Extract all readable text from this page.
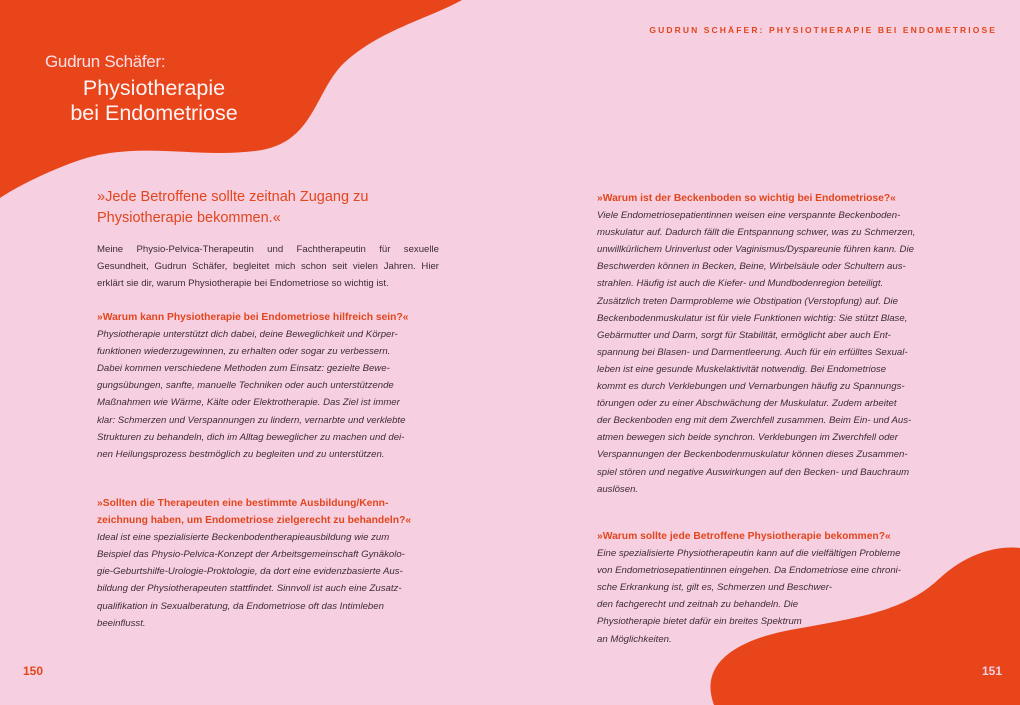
GUDRUN SCHÄFER: PHYSIOTHERAPIE BEI ENDOMETRIOSE
Gudrun Schäfer:
Physiotherapie
bei Endometriose
»Jede Betroffene sollte zeitnah Zugang zu
Physiotherapie bekommen.«
Meine Physio-Pelvica-Therapeutin und Fachtherapeutin für sexuelle
Gesundheit, Gudrun Schäfer, begleitet mich schon seit vielen Jahren. Hier
erklärt sie dir, warum Physiotherapie bei Endometriose so wichtig ist.
»Warum kann Physiotherapie bei Endometriose hilfreich sein?«
Physiotherapie unterstützt dich dabei, deine Beweglichkeit und Körper-
funktionen wiederzugewinnen, zu erhalten oder sogar zu verbessern.
Dabei kommen verschiedene Methoden zum Einsatz: gezielte Bewe-
gungsübungen, sanfte, manuelle Techniken oder auch unterstützende
Maßnahmen wie Wärme, Kälte oder Elektrotherapie. Das Ziel ist immer
klar: Schmerzen und Verspannungen zu lindern, vernarbte und verklebte
Strukturen zu behandeln, dich im Alltag beweglicher zu machen und dei-
nen Heilungsprozess bestmöglich zu begleiten und zu unterstützen.
»Sollten die Therapeuten eine bestimmte Ausbildung/Kenn-
zeichnung haben, um Endometriose zielgerecht zu behandeln?«
Ideal ist eine spezialisierte Beckenbodentherapieausbildung wie zum
Beispiel das Physio-Pelvica-Konzept der Arbeitsgemeinschaft Gynäkolo-
gie-Geburtshilfe-Urologie-Proktologie, da dort eine evidenzbasierte Aus-
bildung der Physiotherapeuten stattfindet. Sinnvoll ist auch eine Zusatz-
qualifikation in Sexualberatung, da Endometriose oft das Intimleben
beeinflusst.
»Warum ist der Beckenboden so wichtig bei Endometriose?«
Viele Endometriosepatientinnen weisen eine verspannte Beckenboden-
muskulatur auf. Dadurch fällt die Entspannung schwer, was zu Schmerzen,
unwillkürlichem Urinverlust oder Vaginismus/Dyspareunie führen kann. Die
Beschwerden können in Becken, Beine, Wirbelsäule oder Schultern aus-
strahlen. Häufig ist auch die Kiefer- und Mundbodenregion beteiligt.
Zusätzlich treten Darmprobleme wie Obstipation (Verstopfung) auf. Die
Beckenbodenmuskulatur ist für viele Funktionen wichtig: Sie stützt Blase,
Gebärmutter und Darm, sorgt für Stabilität, ermöglicht aber auch Ent-
spannung bei Blasen- und Darmentleerung. Auch für ein erfülltes Sexual-
leben ist eine gesunde Muskelaktivität notwendig. Bei Endometriose
kommt es durch Verklebungen und Vernarbungen häufig zu Spannungs-
törungen oder zu einer Abschwächung der Muskulatur. Zudem arbeitet
der Beckenboden eng mit dem Zwerchfell zusammen. Beim Ein- und Aus-
atmen bewegen sich beide synchron. Verklebungen im Zwerchfell oder
Verspannungen der Beckenbodenmuskulatur können dieses Zusammen-
spiel stören und negative Auswirkungen auf den Becken- und Bauchraum
auslösen.
»Warum sollte jede Betroffene Physiotherapie bekommen?«
Eine spezialisierte Physiotherapeutin kann auf die vielfältigen Probleme
von Endometriosepatientinnen eingehen. Da Endometriose eine chroni-
sche Erkrankung ist, gilt es, Schmerzen und Beschwer-
den fachgerecht und zeitnah zu behandeln. Die
Physiotherapie bietet dafür ein breites Spektrum
an Möglichkeiten.
150	151
